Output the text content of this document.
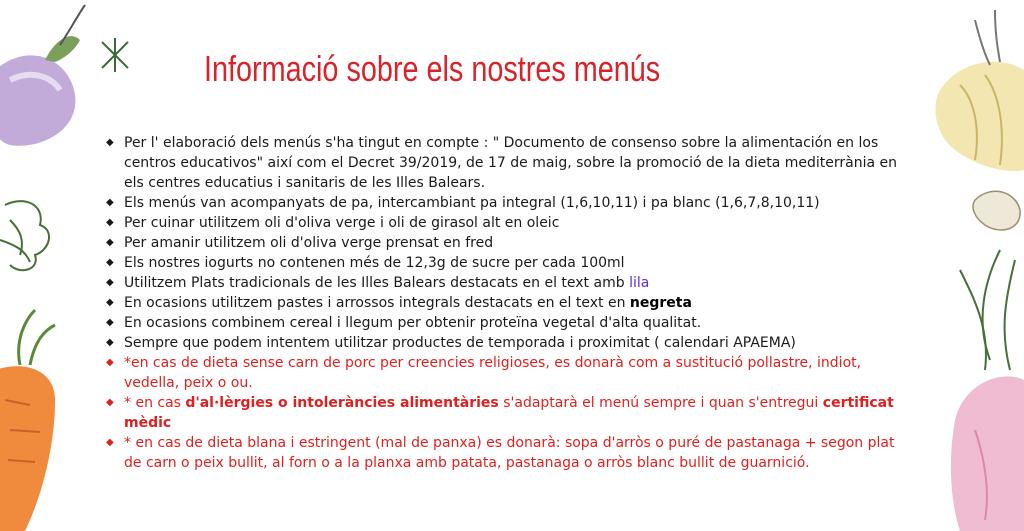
Informació sobre els nostres menús
◆ Per l' elaboració dels menús s'ha tingut en compte : " Documento de consenso sobre la alimentación en los centros educativos" així com el Decret 39/2019, de 17 de maig, sobre la promoció de la dieta mediterrània en els centres educatius i sanitaris de les Illes Balears.
◆ Els menús van acompanyats de pa, intercambiant pa integral (1,6,10,11) i pa blanc (1,6,7,8,10,11)
◆ Per cuinar utilitzem oli d'oliva verge i oli de girasol alt en oleic
◆ Per amanir utilitzem oli d'oliva verge prensat en fred
◆ Els nostres iogurts no contenen més de 12,3g de sucre per cada 100ml
◆ Utilitzem Plats tradicionals de les Illes Balears destacats en el text amb lila
◆ En ocasions utilitzem pastes i arrossos integrals destacats en el text en negreta
◆ En ocasions combinem cereal i llegum per obtenir proteïna vegetal d'alta qualitat.
◆ Sempre que podem intentem utilitzar productes de temporada i proximitat ( calendari APAEMA)
◆ *en cas de dieta sense carn de porc per creencies religioses, es donarà com a sustitució pollastre, indiot, vedella, peix o ou.
◆ * en cas d'al·lèrgies o intoleràncies alimentàries s'adaptarà el menú sempre i quan s'entregui certificat mèdic
◆ * en cas de dieta blana i estringent (mal de panxa) es donarà: sopa d'arròs o puré de pastanaga + segon plat de carn o peix bullit, al forn o a la planxa amb patata, pastanaga o arròs blanc bullit de guarnició.
